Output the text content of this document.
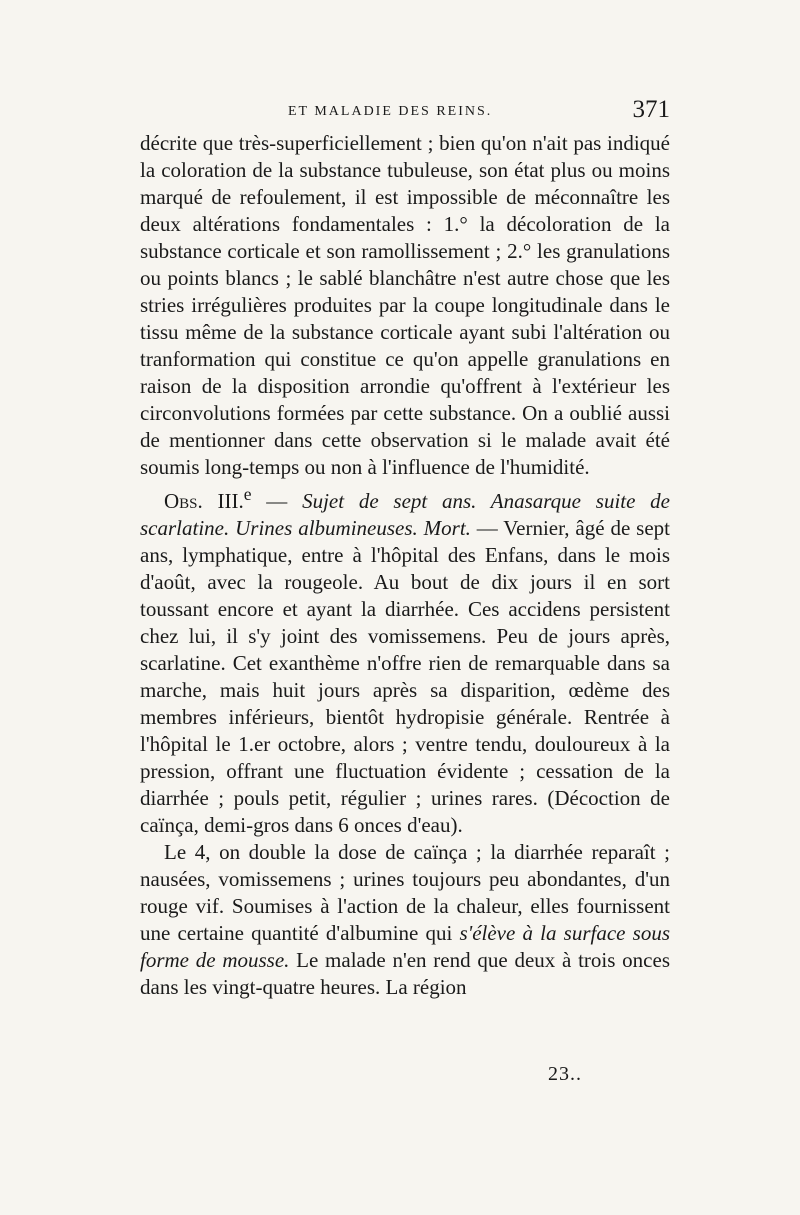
ET MALADIE DES REINS.	371

décrite que très-superficiellement ; bien qu'on n'ait pas indiqué la coloration de la substance tubuleuse, son état plus ou moins marqué de refoulement, il est impossible de méconnaître les deux altérations fondamentales : 1.° la décoloration de la substance corticale et son ramollissement ; 2.° les granulations ou points blancs ; le sablé blanchâtre n'est autre chose que les stries irrégulières produites par la coupe longitudinale dans le tissu même de la substance corticale ayant subi l'altération ou tranformation qui constitue ce qu'on appelle granulations en raison de la disposition arrondie qu'offrent à l'extérieur les circonvolutions formées par cette substance. On a oublié aussi de mentionner dans cette observation si le malade avait été soumis long-temps ou non à l'influence de l'humidité.

Obs. III.$^e$ — Sujet de sept ans. Anasarque suite de scarlatine. Urines albumineuses. Mort. — Vernier, âgé de sept ans, lymphatique, entre à l'hôpital des Enfans, dans le mois d'août, avec la rougeole. Au bout de dix jours il en sort toussant encore et ayant la diarrhée. Ces accidens persistent chez lui, il s'y joint des vomissemens. Peu de jours après, scarlatine. Cet exanthème n'offre rien de remarquable dans sa marche, mais huit jours après sa disparition, œdème des membres inférieurs, bientôt hydropisie générale. Rentrée à l'hôpital le 1.er octobre, alors ; ventre tendu, douloureux à la pression, offrant une fluctuation évidente ; cessation de la diarrhée ; pouls petit, régulier ; urines rares. (Décoction de caïnça, demi-gros dans 6 onces d'eau).

Le 4, on double la dose de caïnça ; la diarrhée reparaît ; nausées, vomissemens ; urines toujours peu abondantes, d'un rouge vif. Soumises à l'action de la chaleur, elles fournissent une certaine quantité d'albumine qui s'élève à la surface sous forme de mousse. Le malade n'en rend que deux à trois onces dans les vingt-quatre heures. La région

23..
